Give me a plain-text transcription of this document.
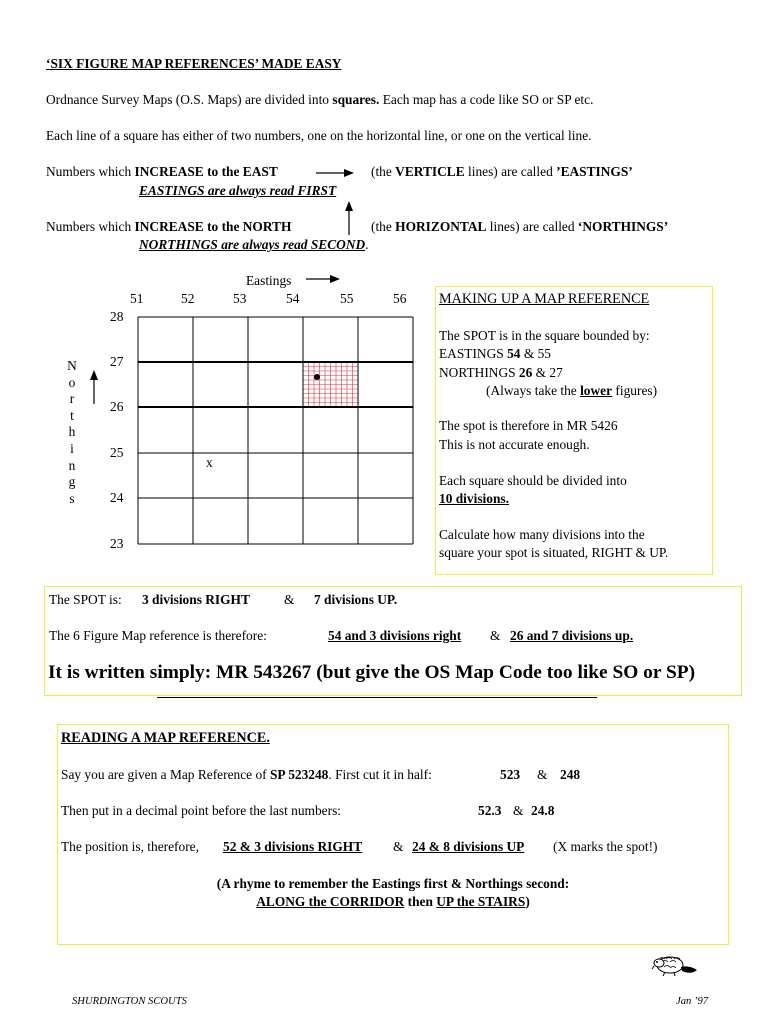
‘SIX FIGURE MAP REFERENCES’ MADE EASY
Ordnance Survey Maps (O.S. Maps) are divided into squares. Each map has a code like SO or SP etc.
Each line of a square has either of two numbers, one on the horizontal line, or one on the vertical line.
Numbers which INCREASE to the EAST	(the VERTICLE lines) are called ’EASTINGS’
EASTINGS are always read FIRST
Numbers which INCREASE to the NORTH	(the HORIZONTAL lines) are called ‘NORTHINGS’
NORTHINGS are always read SECOND.
Eastings
51	52	53	54	55	56
28
27
26
25
24
23
N
o
r
t
h
i
n
g
s
x
MAKING UP A MAP REFERENCE
The SPOT is in the square bounded by:
EASTINGS 54 & 55
NORTHINGS 26 & 27
(Always take the lower figures)
The spot is therefore in MR 5426
This is not accurate enough.
Each square should be divided into
10 divisions.
Calculate how many divisions into the
square your spot is situated, RIGHT & UP.
The SPOT is: 3 divisions RIGHT	& 7 divisions UP.
The 6 Figure Map reference is therefore:	54 and 3 divisions right & 26 and 7 divisions up.
It is written simply: MR 543267 (but give the OS Map Code too like SO or SP)
READING A MAP REFERENCE.
Say you are given a Map Reference of SP 523248. First cut it in half:	523 & 248
Then put in a decimal point before the last numbers:	52.3 & 24.8
The position is, therefore, 52 & 3 divisions RIGHT & 24 & 8 divisions UP (X marks the spot!)
(A rhyme to remember the Eastings first & Northings second:
ALONG the CORRIDOR then UP the STAIRS)
SHURDINGTON SCOUTS	Jan ’97
